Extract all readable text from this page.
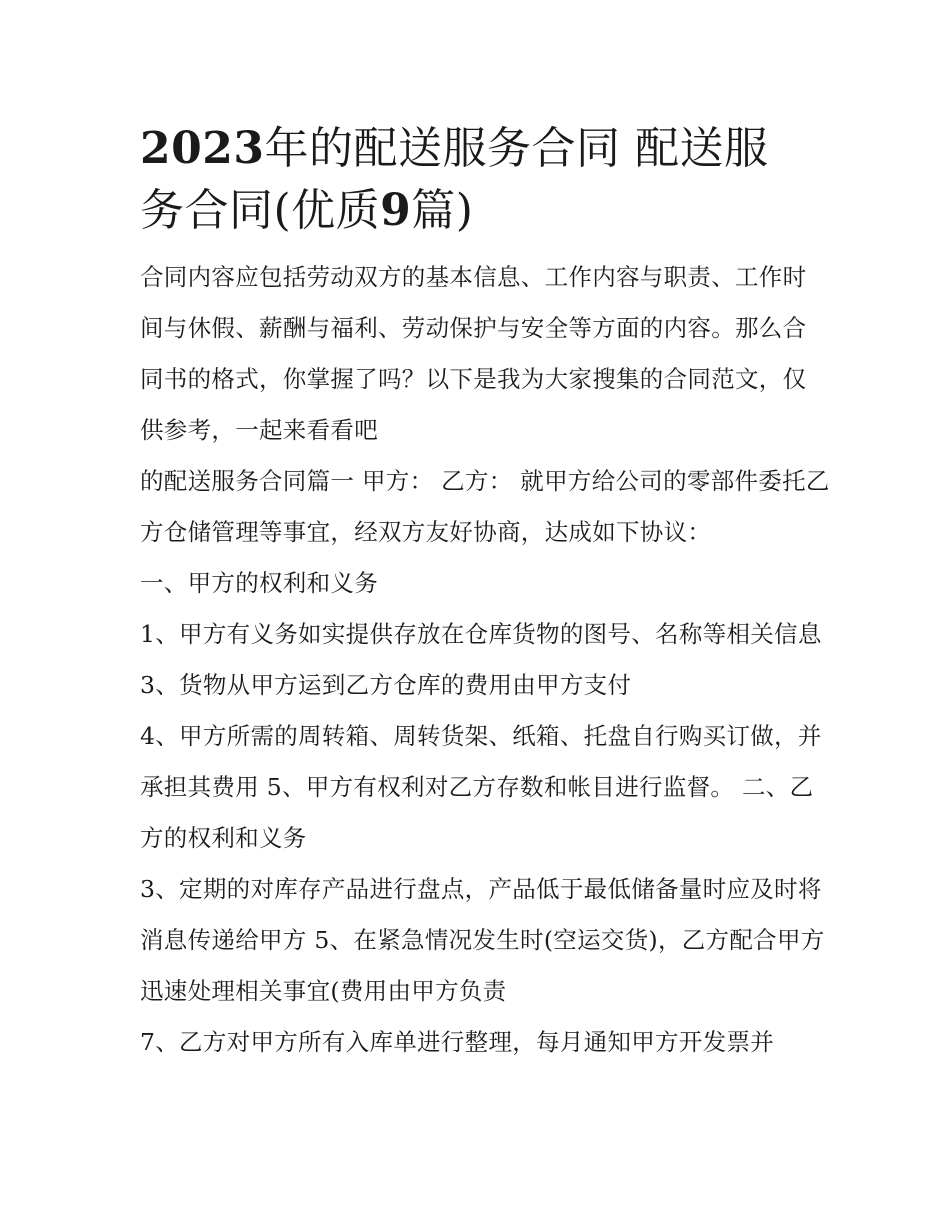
2023年的配送服务合同 配送服务合同(优质9篇)

合同内容应包括劳动双方的基本信息、工作内容与职责、工作时间与休假、薪酬与福利、劳动保护与安全等方面的内容。那么合同书的格式，你掌握了吗？以下是我为大家搜集的合同范文，仅供参考，一起来看看吧

的配送服务合同篇一 甲方： 乙方： 就甲方给公司的零部件委托乙方仓储管理等事宜，经双方友好协商，达成如下协议：

一、甲方的权利和义务

1、甲方有义务如实提供存放在仓库货物的图号、名称等相关信息 3、货物从甲方运到乙方仓库的费用由甲方支付

4、甲方所需的周转箱、周转货架、纸箱、托盘自行购买订做，并承担其费用 5、甲方有权利对乙方存数和帐目进行监督。 二、乙方的权利和义务

3、定期的对库存产品进行盘点，产品低于最低储备量时应及时将消息传递给甲方 5、在紧急情况发生时(空运交货)，乙方配合甲方迅速处理相关事宜(费用由甲方负责

7、乙方对甲方所有入库单进行整理，每月通知甲方开发票并
